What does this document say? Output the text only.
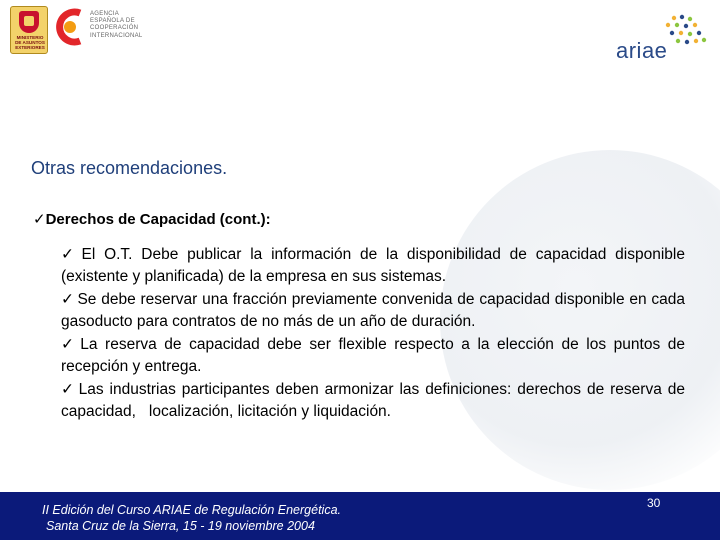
MINISTERIO
DE ASUNTOS
EXTERIORES
AGENCIA
ESPAÑOLA DE
COOPERACIÓN
INTERNACIONAL
ariae
Otras recomendaciones.
✓Derechos de Capacidad (cont.):

✓ El O.T. Debe publicar la información de la disponibilidad de capacidad disponible (existente y planificada) de la empresa en sus sistemas.

✓ Se debe reservar una fracción previamente convenida de capacidad disponible en cada gasoducto para contratos de no más de un año de duración.

✓ La reserva de capacidad debe ser flexible respecto a la elección de los puntos de recepción y entrega.

✓ Las industrias participantes deben armonizar las definiciones: derechos de reserva de capacidad,   localización, licitación y liquidación.

II Edición del Curso ARIAE de Regulación Energética.
Santa Cruz de la Sierra, 15 - 19 noviembre 2004
30
